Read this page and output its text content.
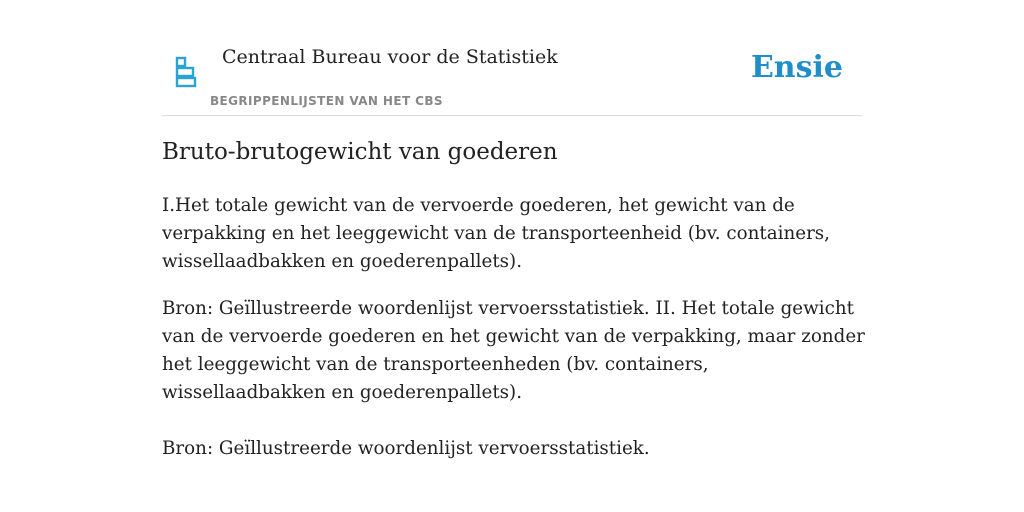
Centraal Bureau voor de Statistiek
BEGRIPPENLIJSTEN VAN HET CBS
Ensie
Bruto-brutogewicht van goederen

I.Het totale gewicht van de vervoerde goederen, het gewicht van de verpakking en het leeggewicht van de transporteenheid (bv. containers, wissellaadbakken en goederenpallets).

Bron: Geïllustreerde woordenlijst vervoersstatistiek. II. Het totale gewicht van de vervoerde goederen en het gewicht van de verpakking, maar zonder het leeggewicht van de transporteenheden (bv. containers, wissellaadbakken en goederenpallets).

Bron: Geïllustreerde woordenlijst vervoersstatistiek.
